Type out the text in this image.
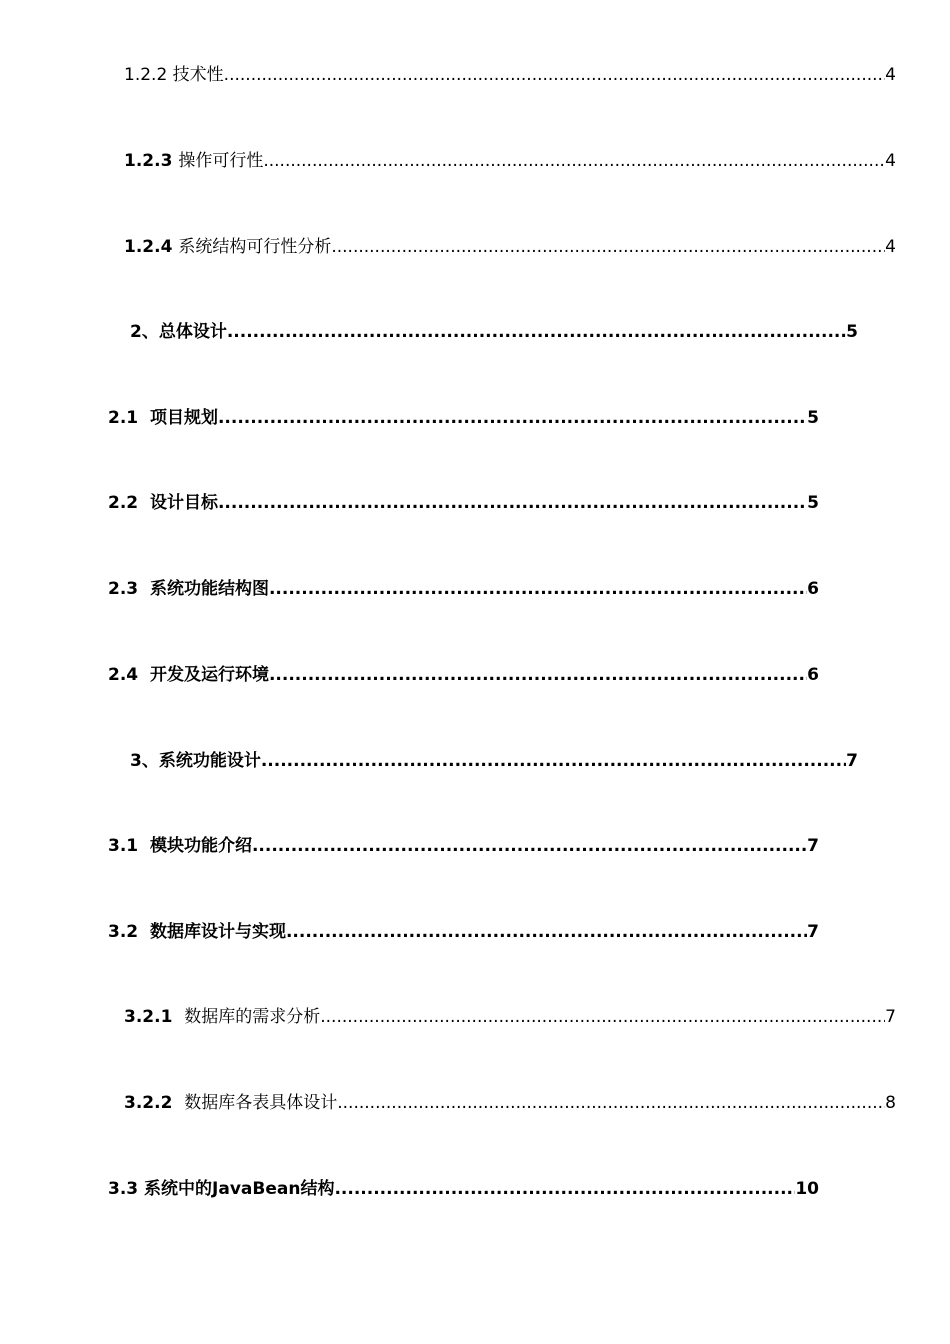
1.2.2 技术性 .....	4
1.2.3 操作可行性 .....	4
1.2.4 系统结构可行性分析 .....	4
2、 总体设计 .....	5
2.1 项目规划 .....	5
2.2 设计目标 .....	5
2.3 系统功能结构图 .....	6
2.4 开发及运行环境 .....	6
3、 系统功能设计 .....	7
3.1 模块功能介绍 .....	7
3.2 数据库设计与实现 .....	7
3.2.1 数据库的需求分析 .....	7
3.2.2 数据库各表具体设计 .....	8
3.3 系统中的JavaBean结构 .....	10
